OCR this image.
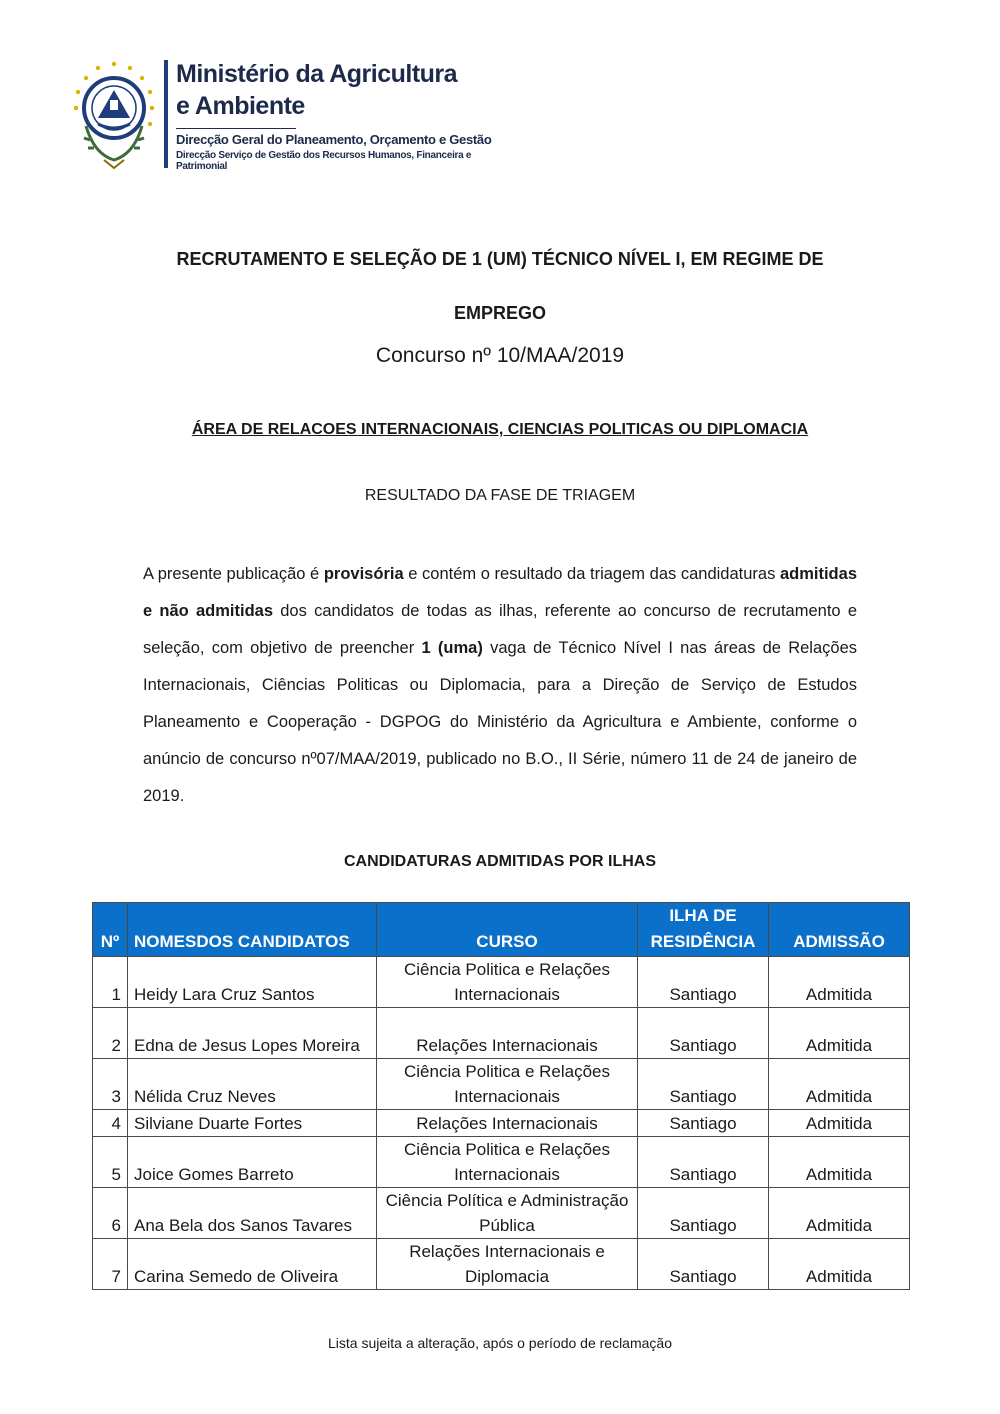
Ministério da Agricultura
e Ambiente
Direcção Geral do Planeamento, Orçamento e Gestão
Direcção Serviço de Gestão dos Recursos Humanos, Financeira e Patrimonial
RECRUTAMENTO E SELEÇÃO DE 1 (UM) TÉCNICO NÍVEL I, EM REGIME DE
EMPREGO
Concurso nº 10/MAA/2019
ÁREA DE RELACOES INTERNACIONAIS, CIENCIAS POLITICAS OU DIPLOMACIA
RESULTADO DA FASE DE TRIAGEM
A presente publicação é provisória e contém o resultado da triagem das candidaturas admitidas e não admitidas dos candidatos de todas as ilhas, referente ao concurso de recrutamento e seleção, com objetivo de preencher 1 (uma) vaga de Técnico Nível I nas áreas de Relações Internacionais, Ciências Politicas ou Diplomacia, para a Direção de Serviço de Estudos Planeamento e Cooperação - DGPOG do Ministério da Agricultura e Ambiente, conforme o anúncio de concurso nº07/MAA/2019, publicado no B.O., II Série, número 11 de 24 de janeiro de 2019.
CANDIDATURAS ADMITIDAS POR ILHAS
Nº	NOMESDOS CANDIDATOS	CURSO	ILHA DE RESIDÊNCIA	ADMISSÃO
1	Heidy Lara Cruz Santos	Ciência Politica e Relações Internacionais	Santiago	Admitida
2	Edna de Jesus Lopes Moreira	Relações Internacionais	Santiago	Admitida
3	Nélida Cruz Neves	Ciência Politica e Relações Internacionais	Santiago	Admitida
4	Silviane Duarte Fortes	Relações Internacionais	Santiago	Admitida
5	Joice Gomes Barreto	Ciência Politica e Relações Internacionais	Santiago	Admitida
6	Ana Bela dos Sanos Tavares	Ciência Política e Administração Pública	Santiago	Admitida
7	Carina Semedo de Oliveira	Relações Internacionais e Diplomacia	Santiago	Admitida
Lista sujeita a alteração, após o período de reclamação
